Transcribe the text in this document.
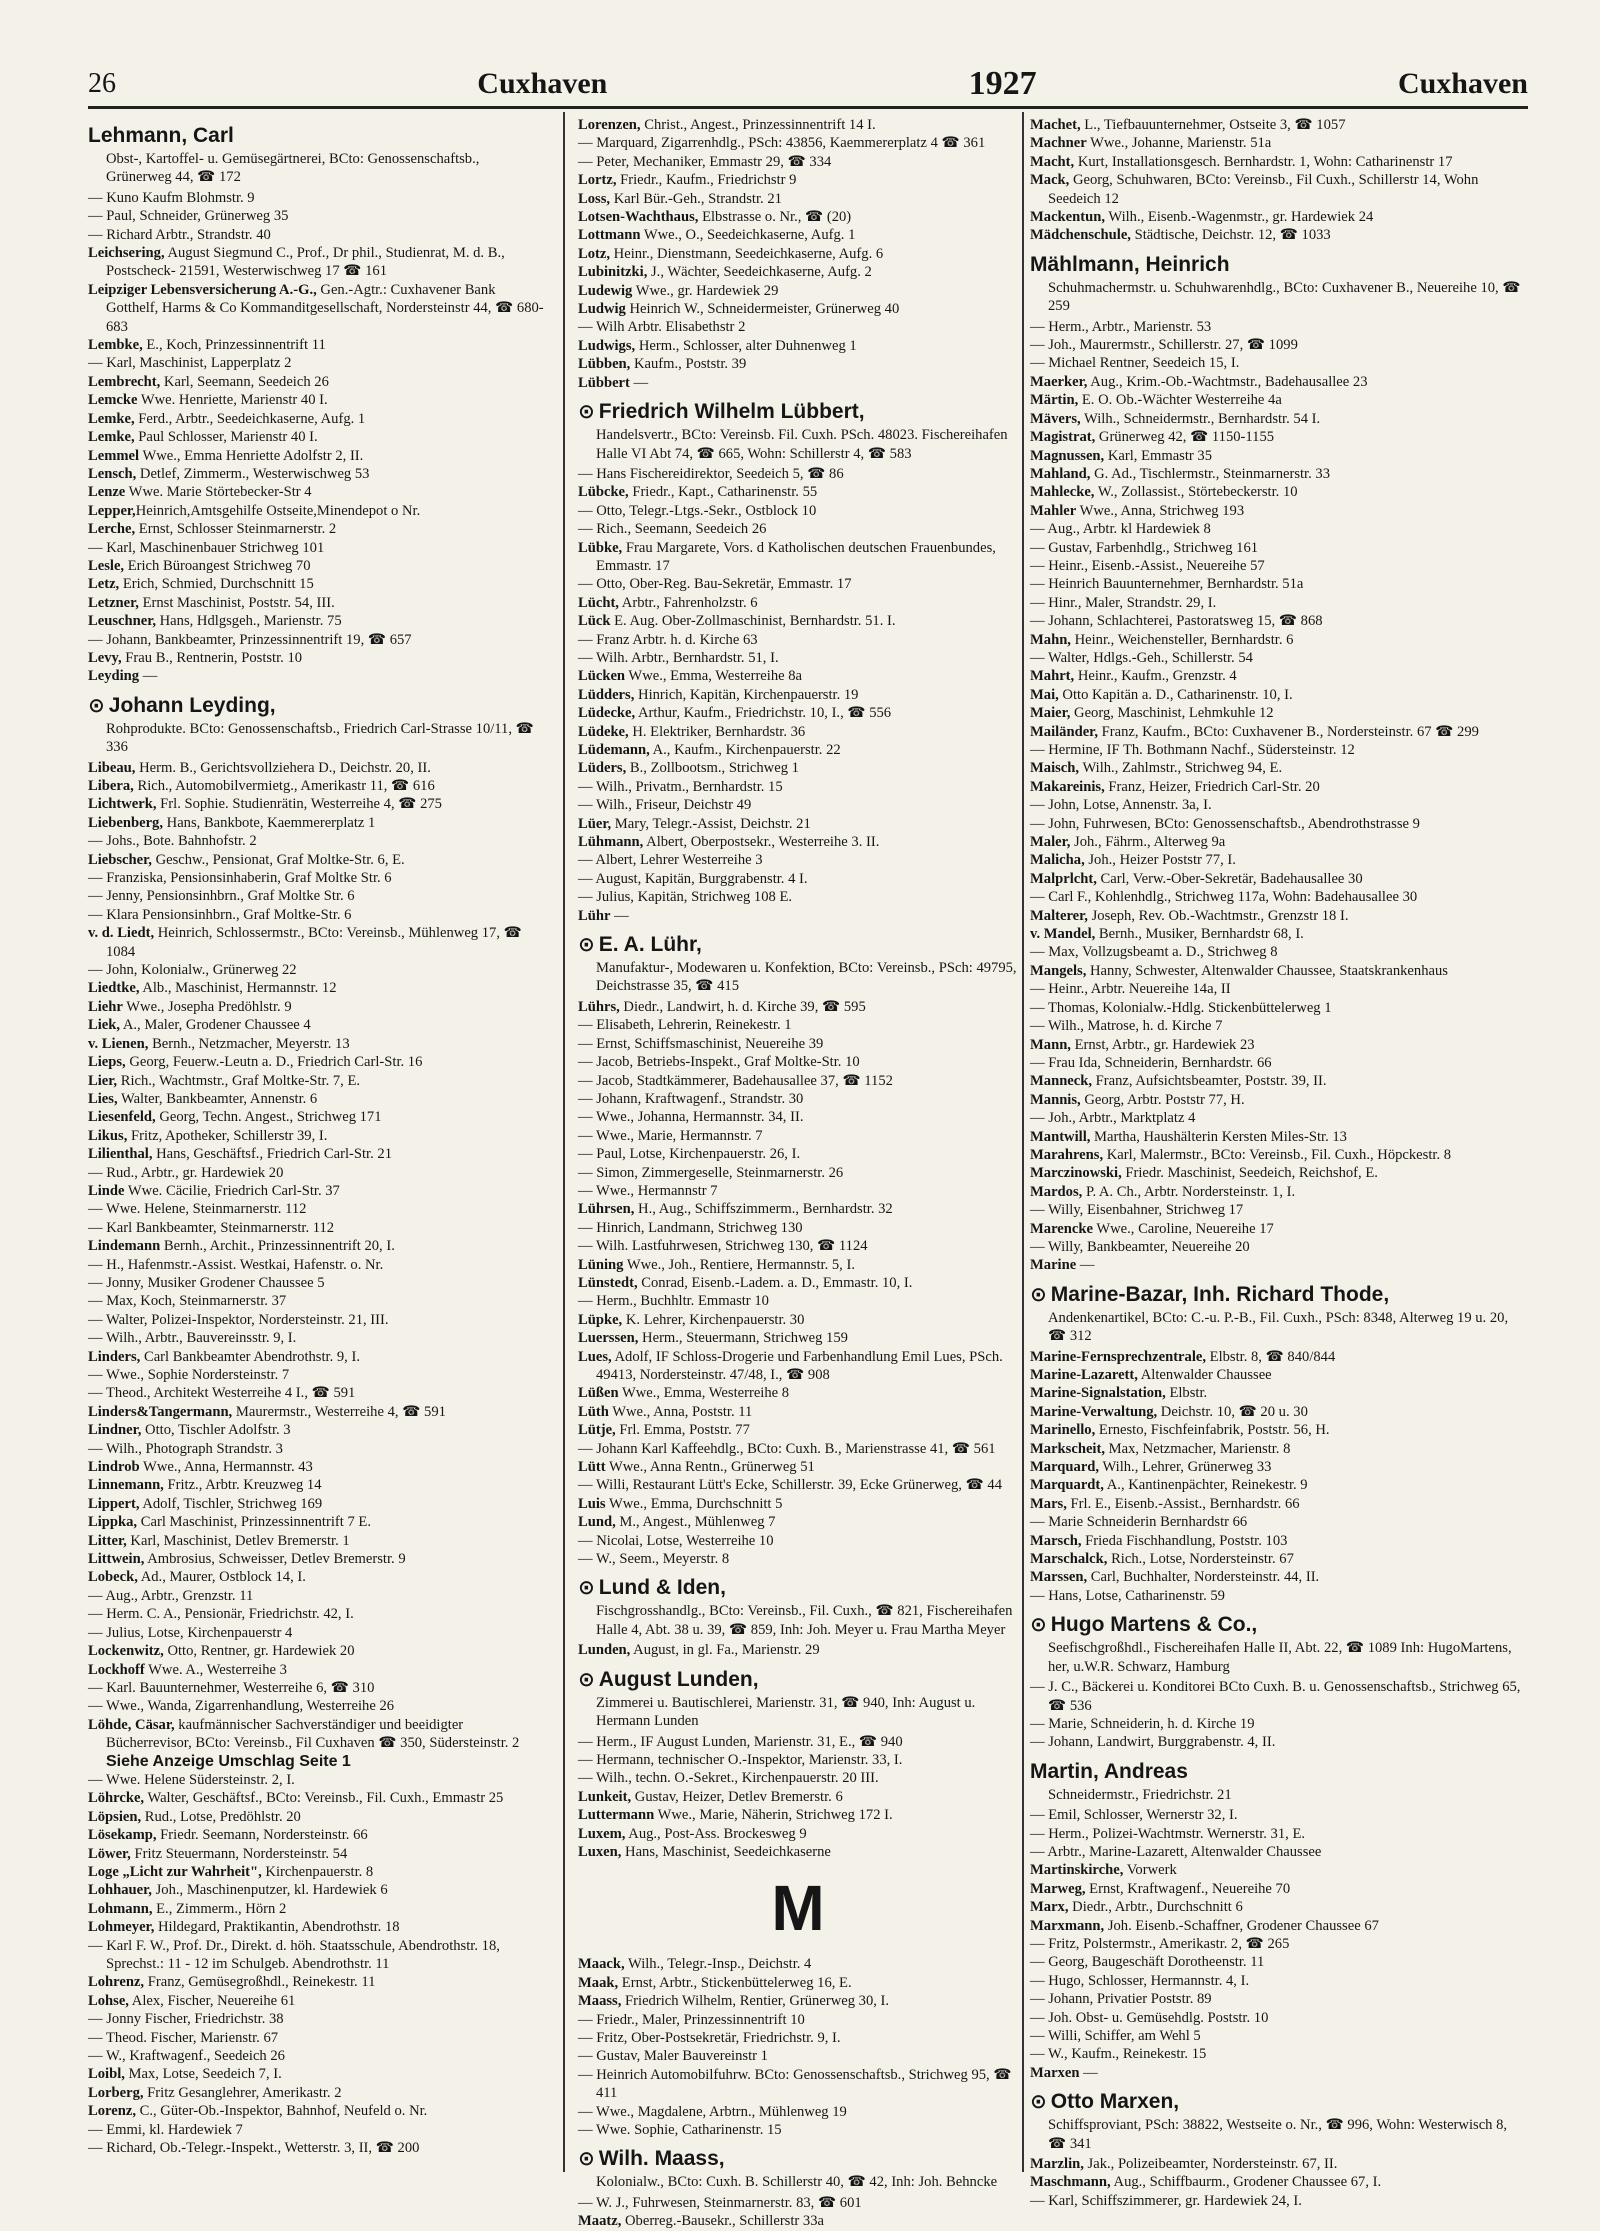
26	Cuxhaven	1927	Cuxhaven
Lehmann, Carl
Obst-, Kartoffel- u. Gemüsegärtnerei, BCto: Genossenschaftsb., Grünerweg 44, ☎ 172
— Kuno Kaufm Blohmstr. 9
— Paul, Schneider, Grünerweg 35
— Richard Arbtr., Strandstr. 40
Leichsering, August Siegmund C., Prof., Dr phil., Studienrat, M. d. B., Postscheck- 21591, Westerwischweg 17 ☎ 161
Leipziger Lebensversicherung A.-G., Gen.-Agtr.: Cuxhavener Bank Gotthelf, Harms & Co Kommanditgesellschaft, Nordersteinstr 44, ☎ 680-683
Lembke, E., Koch, Prinzessinnentrift 11
— Karl, Maschinist, Lapperplatz 2
Lembrecht, Karl, Seemann, Seedeich 26
Lemcke Wwe. Henriette, Marienstr 40 I.
Lemke, Ferd., Arbtr., Seedeichkaserne, Aufg. 1
Lemke, Paul Schlosser, Marienstr 40 I.
Lemmel Wwe., Emma Henriette Adolfstr 2, II.
Lensch, Detlef, Zimmerm., Westerwischweg 53
Lenze Wwe. Marie Störtebecker-Str 4
Lepper,Heinrich,Amtsgehilfe Ostseite,Minendepot o Nr.
Lerche, Ernst, Schlosser Steinmarnerstr. 2
— Karl, Maschinenbauer Strichweg 101
Lesle, Erich Büroangest Strichweg 70
Letz, Erich, Schmied, Durchschnitt 15
Letzner, Ernst Maschinist, Poststr. 54, III.
Leuschner, Hans, Hdlgsgeh., Marienstr. 75
— Johann, Bankbeamter, Prinzessinnentrift 19, ☎ 657
Levy, Frau B., Rentnerin, Poststr. 10
Leyding —
⊙ Johann Leyding,
Rohprodukte. BCto: Genossenschaftsb., Friedrich Carl-Strasse 10/11, ☎ 336
Libeau, Herm. B., Gerichtsvollziehera D., Deichstr. 20, II.
Libera, Rich., Automobilvermietg., Amerikastr 11, ☎ 616
Lichtwerk, Frl. Sophie. Studienrätin, Westerreihe 4, ☎ 275
Liebenberg, Hans, Bankbote, Kaemmererplatz 1
— Johs., Bote. Bahnhofstr. 2
Liebscher, Geschw., Pensionat, Graf Moltke-Str. 6, E.
— Franziska, Pensionsinhaberin, Graf Moltke Str. 6
— Jenny, Pensionsinhbrn., Graf Moltke Str. 6
— Klara Pensionsinhbrn., Graf Moltke-Str. 6
v. d. Liedt, Heinrich, Schlossermstr., BCto: Vereinsb., Mühlenweg 17, ☎ 1084
— John, Kolonialw., Grünerweg 22
Liedtke, Alb., Maschinist, Hermannstr. 12
Liehr Wwe., Josepha Predöhlstr. 9
Liek, A., Maler, Grodener Chaussee 4
v. Lienen, Bernh., Netzmacher, Meyerstr. 13
Lieps, Georg, Feuerw.-Leutn a. D., Friedrich Carl-Str. 16
Lier, Rich., Wachtmstr., Graf Moltke-Str. 7, E.
Lies, Walter, Bankbeamter, Annenstr. 6
Liesenfeld, Georg, Techn. Angest., Strichweg 171
Likus, Fritz, Apotheker, Schillerstr 39, I.
Lilienthal, Hans, Geschäftsf., Friedrich Carl-Str. 21
— Rud., Arbtr., gr. Hardewiek 20
Linde Wwe. Cäcilie, Friedrich Carl-Str. 37
— Wwe. Helene, Steinmarnerstr. 112
— Karl Bankbeamter, Steinmarnerstr. 112
Lindemann Bernh., Archit., Prinzessinnentrift 20, I.
— H., Hafenmstr.-Assist. Westkai, Hafenstr. o. Nr.
— Jonny, Musiker Grodener Chaussee 5
— Max, Koch, Steinmarnerstr. 37
— Walter, Polizei-Inspektor, Nordersteinstr. 21, III.
— Wilh., Arbtr., Bauvereinsstr. 9, I.
Linders, Carl Bankbeamter Abendrothstr. 9, I.
— Wwe., Sophie Nordersteinstr. 7
— Theod., Architekt Westerreihe 4 I., ☎ 591
Linders&Tangermann, Maurermstr., Westerreihe 4, ☎ 591
Lindner, Otto, Tischler Adolfstr. 3
— Wilh., Photograph Strandstr. 3
Lindrob Wwe., Anna, Hermannstr. 43
Linnemann, Fritz., Arbtr. Kreuzweg 14
Lippert, Adolf, Tischler, Strichweg 169
Lippka, Carl Maschinist, Prinzessinnentrift 7 E.
Litter, Karl, Maschinist, Detlev Bremerstr. 1
Littwein, Ambrosius, Schweisser, Detlev Bremerstr. 9
Lobeck, Ad., Maurer, Ostblock 14, I.
— Aug., Arbtr., Grenzstr. 11
— Herm. C. A., Pensionär, Friedrichstr. 42, I.
— Julius, Lotse, Kirchenpauerstr 4
Lockenwitz, Otto, Rentner, gr. Hardewiek 20
Lockhoff Wwe. A., Westerreihe 3
— Karl. Bauunternehmer, Westerreihe 6, ☎ 310
— Wwe., Wanda, Zigarrenhandlung, Westerreihe 26
Löhde, Cäsar, kaufmännischer Sachverständiger und beeidigter Bücherrevisor, BCto: Vereinsb., Fil Cuxhaven ☎ 350, Südersteinstr. 2
Siehe Anzeige Umschlag Seite 1
— Wwe. Helene Südersteinstr. 2, I.
Löhrcke, Walter, Geschäftsf., BCto: Vereinsb., Fil. Cuxh., Emmastr 25
Löpsien, Rud., Lotse, Predöhlstr. 20
Lösekamp, Friedr. Seemann, Nordersteinstr. 66
Löwer, Fritz Steuermann, Nordersteinstr. 54
Loge „Licht zur Wahrheit", Kirchenpauerstr. 8
Lohhauer, Joh., Maschinenputzer, kl. Hardewiek 6
Lohmann, E., Zimmerm., Hörn 2
Lohmeyer, Hildegard, Praktikantin, Abendrothstr. 18
— Karl F. W., Prof. Dr., Direkt. d. höh. Staatsschule, Abendrothstr. 18, Sprechst.: 11 - 12 im Schulgeb. Abendrothstr. 11
Lohrenz, Franz, Gemüsegroßhdl., Reinekestr. 11
Lohse, Alex, Fischer, Neuereihe 61
— Jonny Fischer, Friedrichstr. 38
— Theod. Fischer, Marienstr. 67
— W., Kraftwagenf., Seedeich 26
Loibl, Max, Lotse, Seedeich 7, I.
Lorberg, Fritz Gesanglehrer, Amerikastr. 2
Lorenz, C., Güter-Ob.-Inspektor, Bahnhof, Neufeld o. Nr.
— Emmi, kl. Hardewiek 7
— Richard, Ob.-Telegr.-Inspekt., Wetterstr. 3, II, ☎ 200
Lorenzen, Christ., Angest., Prinzessinnentrift 14 I.
— Marquard, Zigarrenhdlg., PSch: 43856, Kaemmererplatz 4 ☎ 361
— Peter, Mechaniker, Emmastr 29, ☎ 334
Lortz, Friedr., Kaufm., Friedrichstr 9
Loss, Karl Bür.-Geh., Strandstr. 21
Lotsen-Wachthaus, Elbstrasse o. Nr., ☎ (20)
Lottmann Wwe., O., Seedeichkaserne, Aufg. 1
Lotz, Heinr., Dienstmann, Seedeichkaserne, Aufg. 6
Lubinitzki, J., Wächter, Seedeichkaserne, Aufg. 2
Ludewig Wwe., gr. Hardewiek 29
Ludwig Heinrich W., Schneidermeister, Grünerweg 40
— Wilh Arbtr. Elisabethstr 2
Ludwigs, Herm., Schlosser, alter Duhnenweg 1
Lübben, Kaufm., Poststr. 39
Lübbert —
⊙ Friedrich Wilhelm Lübbert,
Handelsvertr., BCto: Vereinsb. Fil. Cuxh. PSch. 48023. Fischereihafen Halle VI Abt 74, ☎ 665, Wohn: Schillerstr 4, ☎ 583
— Hans Fischereidirektor, Seedeich 5, ☎ 86
Lübcke, Friedr., Kapt., Catharinenstr. 55
— Otto, Telegr.-Ltgs.-Sekr., Ostblock 10
— Rich., Seemann, Seedeich 26
Lübke, Frau Margarete, Vors. d Katholischen deutschen Frauenbundes, Emmastr. 17
— Otto, Ober-Reg. Bau-Sekretär, Emmastr. 17
Lücht, Arbtr., Fahrenholzstr. 6
Lück E. Aug. Ober-Zollmaschinist, Bernhardstr. 51. I.
— Franz Arbtr. h. d. Kirche 63
— Wilh. Arbtr., Bernhardstr. 51, I.
Lücken Wwe., Emma, Westerreihe 8a
Lüdders, Hinrich, Kapitän, Kirchenpauerstr. 19
Lüdecke, Arthur, Kaufm., Friedrichstr. 10, I., ☎ 556
Lüdeke, H. Elektriker, Bernhardstr. 36
Lüdemann, A., Kaufm., Kirchenpauerstr. 22
Lüders, B., Zollbootsm., Strichweg 1
— Wilh., Privatm., Bernhardstr. 15
— Wilh., Friseur, Deichstr 49
Lüer, Mary, Telegr.-Assist, Deichstr. 21
Lühmann, Albert, Oberpostsekr., Westerreihe 3. II.
— Albert, Lehrer Westerreihe 3
— August, Kapitän, Burggrabenstr. 4 I.
— Julius, Kapitän, Strichweg 108 E.
Lühr —
⊙ E. A. Lühr,
Manufaktur-, Modewaren u. Konfektion, BCto: Vereinsb., PSch: 49795, Deichstrasse 35, ☎ 415
Lührs, Diedr., Landwirt, h. d. Kirche 39, ☎ 595
— Elisabeth, Lehrerin, Reinekestr. 1
— Ernst, Schiffsmaschinist, Neuereihe 39
— Jacob, Betriebs-Inspekt., Graf Moltke-Str. 10
— Jacob, Stadtkämmerer, Badehausallee 37, ☎ 1152
— Johann, Kraftwagenf., Strandstr. 30
— Wwe., Johanna, Hermannstr. 34, II.
— Wwe., Marie, Hermannstr. 7
— Paul, Lotse, Kirchenpauerstr. 26, I.
— Simon, Zimmergeselle, Steinmarnerstr. 26
— Wwe., Hermannstr 7
Lührsen, H., Aug., Schiffszimmerm., Bernhardstr. 32
— Hinrich, Landmann, Strichweg 130
— Wilh. Lastfuhrwesen, Strichweg 130, ☎ 1124
Lüning Wwe., Joh., Rentiere, Hermannstr. 5, I.
Lünstedt, Conrad, Eisenb.-Ladem. a. D., Emmastr. 10, I.
— Herm., Buchhltr. Emmastr 10
Lüpke, K. Lehrer, Kirchenpauerstr. 30
Luerssen, Herm., Steuermann, Strichweg 159
Lues, Adolf, IF Schloss-Drogerie und Farbenhandlung Emil Lues, PSch. 49413, Nordersteinstr. 47/48, I., ☎ 908
Lüßen Wwe., Emma, Westerreihe 8
Lüth Wwe., Anna, Poststr. 11
Lütje, Frl. Emma, Poststr. 77
— Johann Karl Kaffeehdlg., BCto: Cuxh. B., Marienstrasse 41, ☎ 561
Lütt Wwe., Anna Rentn., Grünerweg 51
— Willi, Restaurant Lütt's Ecke, Schillerstr. 39, Ecke Grünerweg, ☎ 44
Luis Wwe., Emma, Durchschnitt 5
Lund, M., Angest., Mühlenweg 7
— Nicolai, Lotse, Westerreihe 10
— W., Seem., Meyerstr. 8
⊙ Lund & Iden,
Fischgrosshandlg., BCto: Vereinsb., Fil. Cuxh., ☎ 821, Fischereihafen Halle 4, Abt. 38 u. 39, ☎ 859, Inh: Joh. Meyer u. Frau Martha Meyer
Lunden, August, in gl. Fa., Marienstr. 29
⊙ August Lunden,
Zimmerei u. Bautischlerei, Marienstr. 31, ☎ 940, Inh: August u. Hermann Lunden
— Herm., IF August Lunden, Marienstr. 31, E., ☎ 940
— Hermann, technischer O.-Inspektor, Marienstr. 33, I.
— Wilh., techn. O.-Sekret., Kirchenpauerstr. 20 III.
Lunkeit, Gustav, Heizer, Detlev Bremerstr. 6
Luttermann Wwe., Marie, Näherin, Strichweg 172 I.
Luxem, Aug., Post-Ass. Brockesweg 9
Luxen, Hans, Maschinist, Seedeichkaserne
M
Maack, Wilh., Telegr.-Insp., Deichstr. 4
Maak, Ernst, Arbtr., Stickenbüttelerweg 16, E.
Maass, Friedrich Wilhelm, Rentier, Grünerweg 30, I.
— Friedr., Maler, Prinzessinnentrift 10
— Fritz, Ober-Postsekretär, Friedrichstr. 9, I.
— Gustav, Maler Bauvereinstr 1
— Heinrich Automobilfuhrw. BCto: Genossenschaftsb., Strichweg 95, ☎ 411
— Wwe., Magdalene, Arbtrn., Mühlenweg 19
— Wwe. Sophie, Catharinenstr. 15
⊙ Wilh. Maass,
Kolonialw., BCto: Cuxh. B. Schillerstr 40, ☎ 42, Inh: Joh. Behncke
— W. J., Fuhrwesen, Steinmarnerstr. 83, ☎ 601
Maatz, Oberreg.-Bausekr., Schillerstr 33a
Machet, L., Tiefbauunternehmer, Ostseite 3, ☎ 1057
Machner Wwe., Johanne, Marienstr. 51a
Macht, Kurt, Installationsgesch. Bernhardstr. 1, Wohn: Catharinenstr 17
Mack, Georg, Schuhwaren, BCto: Vereinsb., Fil Cuxh., Schillerstr 14, Wohn Seedeich 12
Mackentun, Wilh., Eisenb.-Wagenmstr., gr. Hardewiek 24
Mädchenschule, Städtische, Deichstr. 12, ☎ 1033
Mählmann, Heinrich
Schuhmachermstr. u. Schuhwarenhdlg., BCto: Cuxhavener B., Neuereihe 10, ☎ 259
— Herm., Arbtr., Marienstr. 53
— Joh., Maurermstr., Schillerstr. 27, ☎ 1099
— Michael Rentner, Seedeich 15, I.
Maerker, Aug., Krim.-Ob.-Wachtmstr., Badehausallee 23
Märtin, E. O. Ob.-Wächter Westerreihe 4a
Mävers, Wilh., Schneidermstr., Bernhardstr. 54 I.
Magistrat, Grünerweg 42, ☎ 1150-1155
Magnussen, Karl, Emmastr 35
Mahland, G. Ad., Tischlermstr., Steinmarnerstr. 33
Mahlecke, W., Zollassist., Störtebeckerstr. 10
Mahler Wwe., Anna, Strichweg 193
— Aug., Arbtr. kl Hardewiek 8
— Gustav, Farbenhdlg., Strichweg 161
— Heinr., Eisenb.-Assist., Neuereihe 57
— Heinrich Bauunternehmer, Bernhardstr. 51a
— Hinr., Maler, Strandstr. 29, I.
— Johann, Schlachterei, Pastoratsweg 15, ☎ 868
Mahn, Heinr., Weichensteller, Bernhardstr. 6
— Walter, Hdlgs.-Geh., Schillerstr. 54
Mahrt, Heinr., Kaufm., Grenzstr. 4
Mai, Otto Kapitän a. D., Catharinenstr. 10, I.
Maier, Georg, Maschinist, Lehmkuhle 12
Mailänder, Franz, Kaufm., BCto: Cuxhavener B., Nordersteinstr. 67 ☎ 299
— Hermine, IF Th. Bothmann Nachf., Südersteinstr. 12
Maisch, Wilh., Zahlmstr., Strichweg 94, E.
Makareinis, Franz, Heizer, Friedrich Carl-Str. 20
— John, Lotse, Annenstr. 3a, I.
— John, Fuhrwesen, BCto: Genossenschaftsb., Abendrothstrasse 9
Maler, Joh., Fährm., Alterweg 9a
Malicha, Joh., Heizer Poststr 77, I.
Malprlcht, Carl, Verw.-Ober-Sekretär, Badehausallee 30
— Carl F., Kohlenhdlg., Strichweg 117a, Wohn: Badehausallee 30
Malterer, Joseph, Rev. Ob.-Wachtmstr., Grenzstr 18 I.
v. Mandel, Bernh., Musiker, Bernhardstr 68, I.
— Max, Vollzugsbeamt a. D., Strichweg 8
Mangels, Hanny, Schwester, Altenwalder Chaussee, Staatskrankenhaus
— Heinr., Arbtr. Neuereihe 14a, II
— Thomas, Kolonialw.-Hdlg. Stickenbüttelerweg 1
— Wilh., Matrose, h. d. Kirche 7
Mann, Ernst, Arbtr., gr. Hardewiek 23
— Frau Ida, Schneiderin, Bernhardstr. 66
Manneck, Franz, Aufsichtsbeamter, Poststr. 39, II.
Mannis, Georg, Arbtr. Poststr 77, H.
— Joh., Arbtr., Marktplatz 4
Mantwill, Martha, Haushälterin Kersten Miles-Str. 13
Marahrens, Karl, Malermstr., BCto: Vereinsb., Fil. Cuxh., Höpckestr. 8
Marczinowski, Friedr. Maschinist, Seedeich, Reichshof, E.
Mardos, P. A. Ch., Arbtr. Nordersteinstr. 1, I.
— Willy, Eisenbahner, Strichweg 17
Marencke Wwe., Caroline, Neuereihe 17
— Willy, Bankbeamter, Neuereihe 20
Marine —
⊙ Marine-Bazar, Inh. Richard Thode,
Andenkenartikel, BCto: C.-u. P.-B., Fil. Cuxh., PSch: 8348, Alterweg 19 u. 20, ☎ 312
Marine-Fernsprechzentrale, Elbstr. 8, ☎ 840/844
Marine-Lazarett, Altenwalder Chaussee
Marine-Signalstation, Elbstr.
Marine-Verwaltung, Deichstr. 10, ☎ 20 u. 30
Marinello, Ernesto, Fischfeinfabrik, Poststr. 56, H.
Markscheit, Max, Netzmacher, Marienstr. 8
Marquard, Wilh., Lehrer, Grünerweg 33
Marquardt, A., Kantinenpächter, Reinekestr. 9
Mars, Frl. E., Eisenb.-Assist., Bernhardstr. 66
— Marie Schneiderin Bernhardstr 66
Marsch, Frieda Fischhandlung, Poststr. 103
Marschalck, Rich., Lotse, Nordersteinstr. 67
Marssen, Carl, Buchhalter, Nordersteinstr. 44, II.
— Hans, Lotse, Catharinenstr. 59
⊙ Hugo Martens & Co.,
Seefischgroßhdl., Fischereihafen Halle II, Abt. 22, ☎ 1089 Inh: HugoMartens, her, u.W.R. Schwarz, Hamburg
— J. C., Bäckerei u. Konditorei BCto Cuxh. B. u. Genossenschaftsb., Strichweg 65, ☎ 536
— Marie, Schneiderin, h. d. Kirche 19
— Johann, Landwirt, Burggrabenstr. 4, II.
Martin, Andreas
Schneidermstr., Friedrichstr. 21
— Emil, Schlosser, Wernerstr 32, I.
— Herm., Polizei-Wachtmstr. Wernerstr. 31, E.
— Arbtr., Marine-Lazarett, Altenwalder Chaussee
Martinskirche, Vorwerk
Marweg, Ernst, Kraftwagenf., Neuereihe 70
Marx, Diedr., Arbtr., Durchschnitt 6
Marxmann, Joh. Eisenb.-Schaffner, Grodener Chaussee 67
— Fritz, Polstermstr., Amerikastr. 2, ☎ 265
— Georg, Baugeschäft Dorotheenstr. 11
— Hugo, Schlosser, Hermannstr. 4, I.
— Johann, Privatier Poststr. 89
— Joh. Obst- u. Gemüsehdlg. Poststr. 10
— Willi, Schiffer, am Wehl 5
— W., Kaufm., Reinekestr. 15
Marxen —
⊙ Otto Marxen,
Schiffsproviant, PSch: 38822, Westseite o. Nr., ☎ 996, Wohn: Westerwisch 8, ☎ 341
Marzlin, Jak., Polizeibeamter, Nordersteinstr. 67, II.
Maschmann, Aug., Schiffbaurm., Grodener Chaussee 67, I.
— Karl, Schiffszimmerer, gr. Hardewiek 24, I.
